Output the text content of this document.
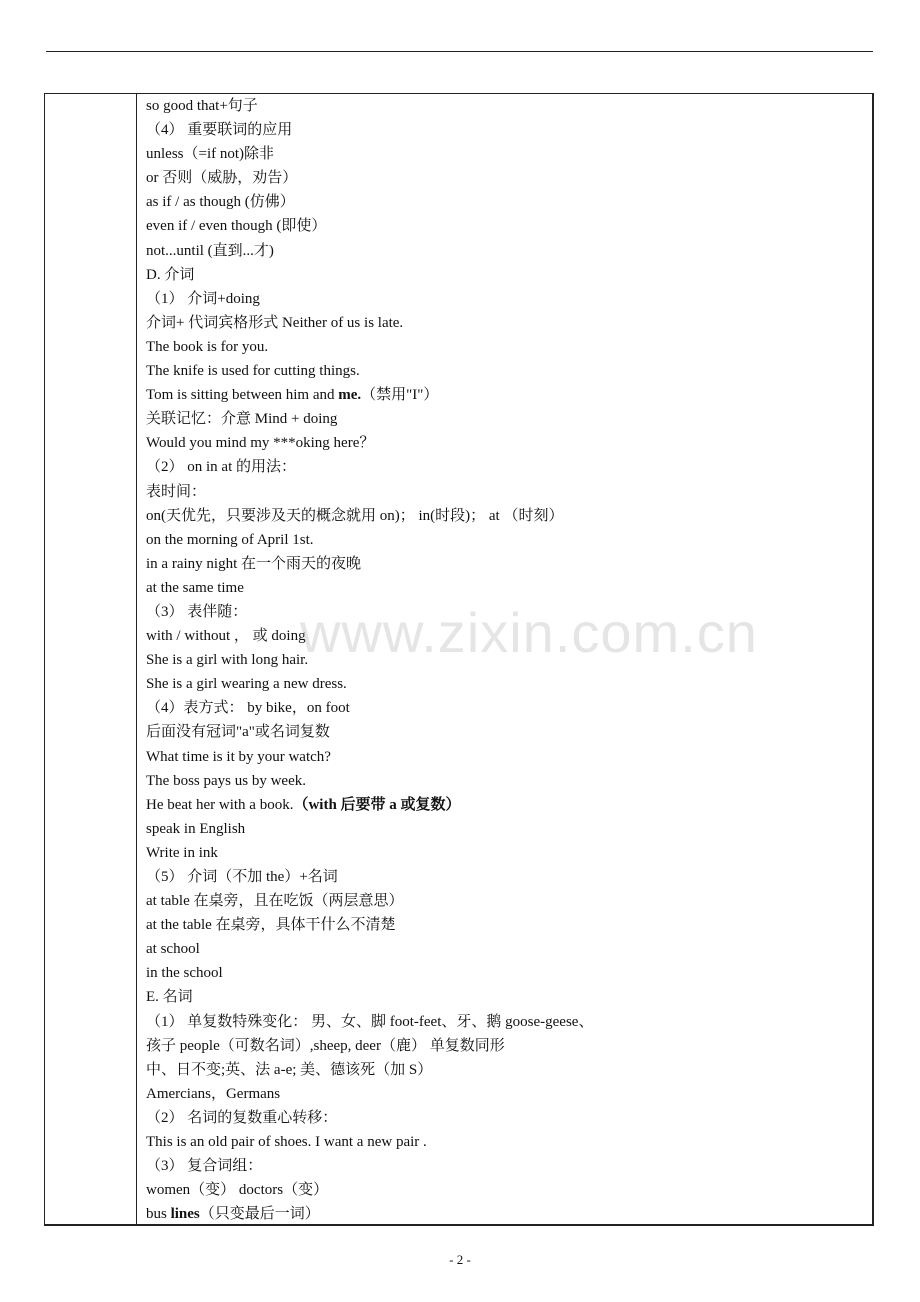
so good that+句子
（4） 重要联词的应用
unless（=if not)除非
or 否则（威胁，劝告）
as if / as though (仿佛）
even if / even though (即使）
not...until (直到...才)
D. 介词
（1） 介词+doing
介词+ 代词宾格形式 Neither of us is late.
The book is for you.
The knife is used for cutting things.
Tom is sitting between him and me.（禁用"I"）
关联记忆：介意 Mind + doing
Would you mind my ***oking here？
（2） on in at 的用法：
表时间：
on(天优先，只要涉及天的概念就用 on)； in(时段)； at （时刻）
on the morning of April 1st.
in a rainy night 在一个雨天的夜晚
at the same time
（3） 表伴随：
with / without ， 或 doing
She is a girl with long hair.
She is a girl wearing a new dress.
（4）表方式： by bike，on foot
后面没有冠词"a"或名词复数
What time is it by your watch?
The boss pays us by week.
He beat her with a book.（with 后要带 a 或复数）
speak in English
Write in ink
（5） 介词（不加 the）+名词
at table 在桌旁，且在吃饭（两层意思）
at the table 在桌旁，具体干什么不清楚
at school
in the school
E. 名词
（1） 单复数特殊变化： 男、女、脚 foot-feet、牙、鹅 goose-geese、
孩子 people（可数名词）,sheep, deer（鹿） 单复数同形
中、日不变;英、法 a-e; 美、德该死（加 S）
Amercians，Germans
（2） 名词的复数重心转移：
This is an old pair of shoes. I want a new pair .
（3） 复合词组：
women（变） doctors（变）
bus lines（只变最后一词）
www.zixin.com.cn
- 2 -
